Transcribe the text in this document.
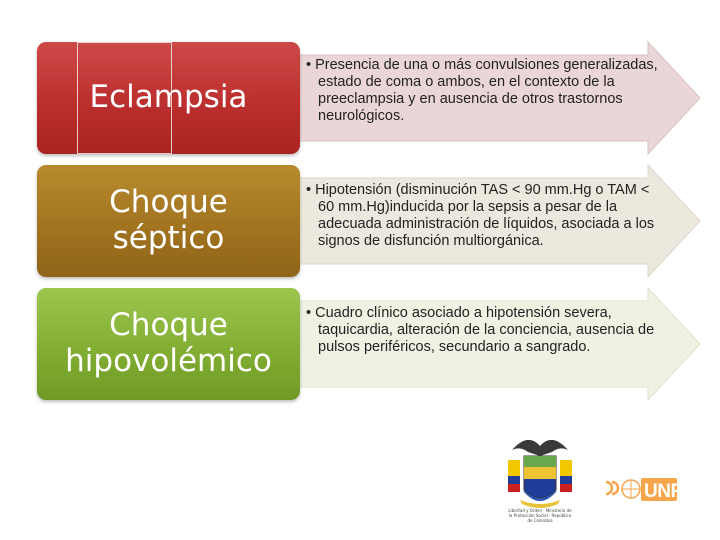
Eclampsia
• Presencia de una o más convulsiones generalizadas, estado de coma o ambos, en el contexto de la preeclampsia y en ausencia de otros trastornos neurológicos.
Choque séptico
• Hipotensión (disminución TAS < 90 mm.Hg o TAM < 60 mm.Hg)inducida por la sepsis a pesar de la adecuada administración de líquidos, asociada a los signos de disfunción multiorgánica.
Choque hipovolémico
• Cuadro clínico asociado a hipotensión severa, taquicardia, alteración de la conciencia, ausencia de pulsos periféricos, secundario a sangrado.
Libertad y Orden · Ministerio de la Protección Social · República de Colombia
UNFPA
